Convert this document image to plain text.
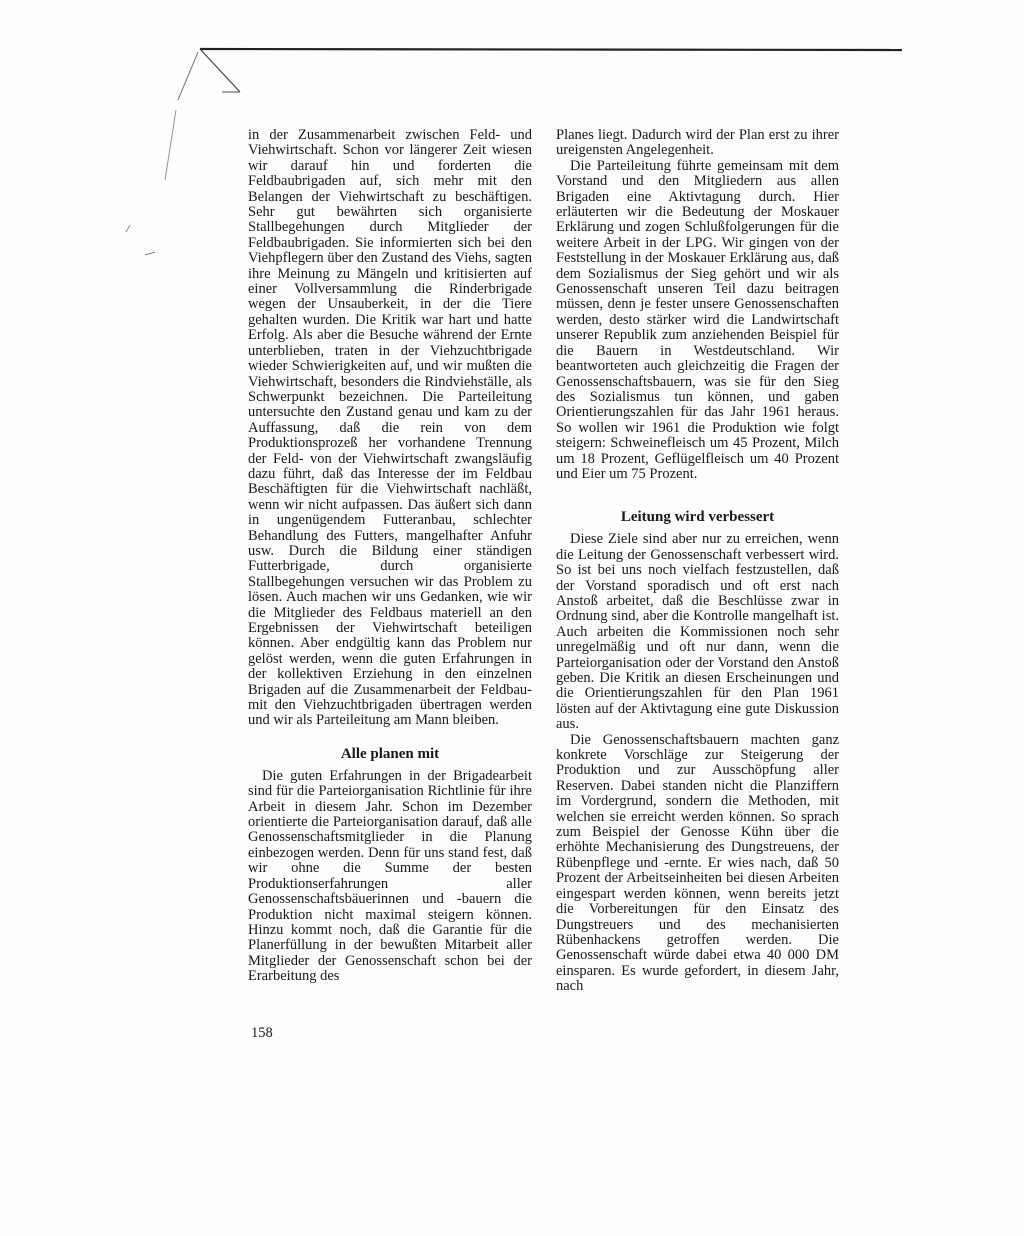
in der Zusammenarbeit zwischen Feld- und Viehwirtschaft. Schon vor längerer Zeit wiesen wir darauf hin und forderten die Feldbaubrigaden auf, sich mehr mit den Belangen der Viehwirtschaft zu beschäftigen. Sehr gut bewährten sich organisierte Stallbegehungen durch Mitglieder der Feldbaubrigaden. Sie informierten sich bei den Viehpflegern über den Zustand des Viehs, sagten ihre Meinung zu Mängeln und kritisierten auf einer Vollversammlung die Rinderbrigade wegen der Unsauberkeit, in der die Tiere gehalten wurden. Die Kritik war hart und hatte Erfolg. Als aber die Besuche während der Ernte unterblieben, traten in der Viehzuchtbrigade wieder Schwierigkeiten auf, und wir mußten die Viehwirtschaft, besonders die Rindviehställe, als Schwerpunkt bezeichnen. Die Parteileitung untersuchte den Zustand genau und kam zu der Auffassung, daß die rein von dem Produktionsprozeß her vorhandene Trennung der Feld- von der Viehwirtschaft zwangsläufig dazu führt, daß das Interesse der im Feldbau Beschäftigten für die Viehwirtschaft nachläßt, wenn wir nicht aufpassen. Das äußert sich dann in ungenügendem Futteranbau, schlechter Behandlung des Futters, mangelhafter Anfuhr usw. Durch die Bildung einer ständigen Futterbrigade, durch organisierte Stallbegehungen versuchen wir das Problem zu lösen. Auch machen wir uns Gedanken, wie wir die Mitglieder des Feldbaus materiell an den Ergebnissen der Viehwirtschaft beteiligen können. Aber endgültig kann das Problem nur gelöst werden, wenn die guten Erfahrungen in der kollektiven Erziehung in den einzelnen Brigaden auf die Zusammenarbeit der Feldbau- mit den Viehzuchtbrigaden übertragen werden und wir als Parteileitung am Mann bleiben.

Alle planen mit

Die guten Erfahrungen in der Brigadearbeit sind für die Parteiorganisation Richtlinie für ihre Arbeit in diesem Jahr. Schon im Dezember orientierte die Parteiorganisation darauf, daß alle Genossenschaftsmitglieder in die Planung einbezogen werden. Denn für uns stand fest, daß wir ohne die Summe der besten Produktionserfahrungen aller Genossenschaftsbäuerinnen und -bauern die Produktion nicht maximal steigern können. Hinzu kommt noch, daß die Garantie für die Planerfüllung in der bewußten Mitarbeit aller Mitglieder der Genossenschaft schon bei der Erarbeitung des

Planes liegt. Dadurch wird der Plan erst zu ihrer ureigensten Angelegenheit.

Die Parteileitung führte gemeinsam mit dem Vorstand und den Mitgliedern aus allen Brigaden eine Aktivtagung durch. Hier erläuterten wir die Bedeutung der Moskauer Erklärung und zogen Schlußfolgerungen für die weitere Arbeit in der LPG. Wir gingen von der Feststellung in der Moskauer Erklärung aus, daß dem Sozialismus der Sieg gehört und wir als Genossenschaft unseren Teil dazu beitragen müssen, denn je fester unsere Genossenschaften werden, desto stärker wird die Landwirtschaft unserer Republik zum anziehenden Beispiel für die Bauern in Westdeutschland. Wir beantworteten auch gleichzeitig die Fragen der Genossenschaftsbauern, was sie für den Sieg des Sozialismus tun können, und gaben Orientierungszahlen für das Jahr 1961 heraus. So wollen wir 1961 die Produktion wie folgt steigern: Schweinefleisch um 45 Prozent, Milch um 18 Prozent, Geflügelfleisch um 40 Prozent und Eier um 75 Prozent.

Leitung wird verbessert

Diese Ziele sind aber nur zu erreichen, wenn die Leitung der Genossenschaft verbessert wird. So ist bei uns noch vielfach festzustellen, daß der Vorstand sporadisch und oft erst nach Anstoß arbeitet, daß die Beschlüsse zwar in Ordnung sind, aber die Kontrolle mangelhaft ist. Auch arbeiten die Kommissionen noch sehr unregelmäßig und oft nur dann, wenn die Parteiorganisation oder der Vorstand den Anstoß geben. Die Kritik an diesen Erscheinungen und die Orientierungszahlen für den Plan 1961 lösten auf der Aktivtagung eine gute Diskussion aus.

Die Genossenschaftsbauern machten ganz konkrete Vorschläge zur Steigerung der Produktion und zur Ausschöpfung aller Reserven. Dabei standen nicht die Planziffern im Vordergrund, sondern die Methoden, mit welchen sie erreicht werden können. So sprach zum Beispiel der Genosse Kühn über die erhöhte Mechanisierung des Dungstreuens, der Rübenpflege und -ernte. Er wies nach, daß 50 Prozent der Arbeitseinheiten bei diesen Arbeiten eingespart werden können, wenn bereits jetzt die Vorbereitungen für den Einsatz des Dungstreuers und des mechanisierten Rübenhackens getroffen werden. Die Genossenschaft würde dabei etwa 40 000 DM einsparen. Es wurde gefordert, in diesem Jahr, nach

158
